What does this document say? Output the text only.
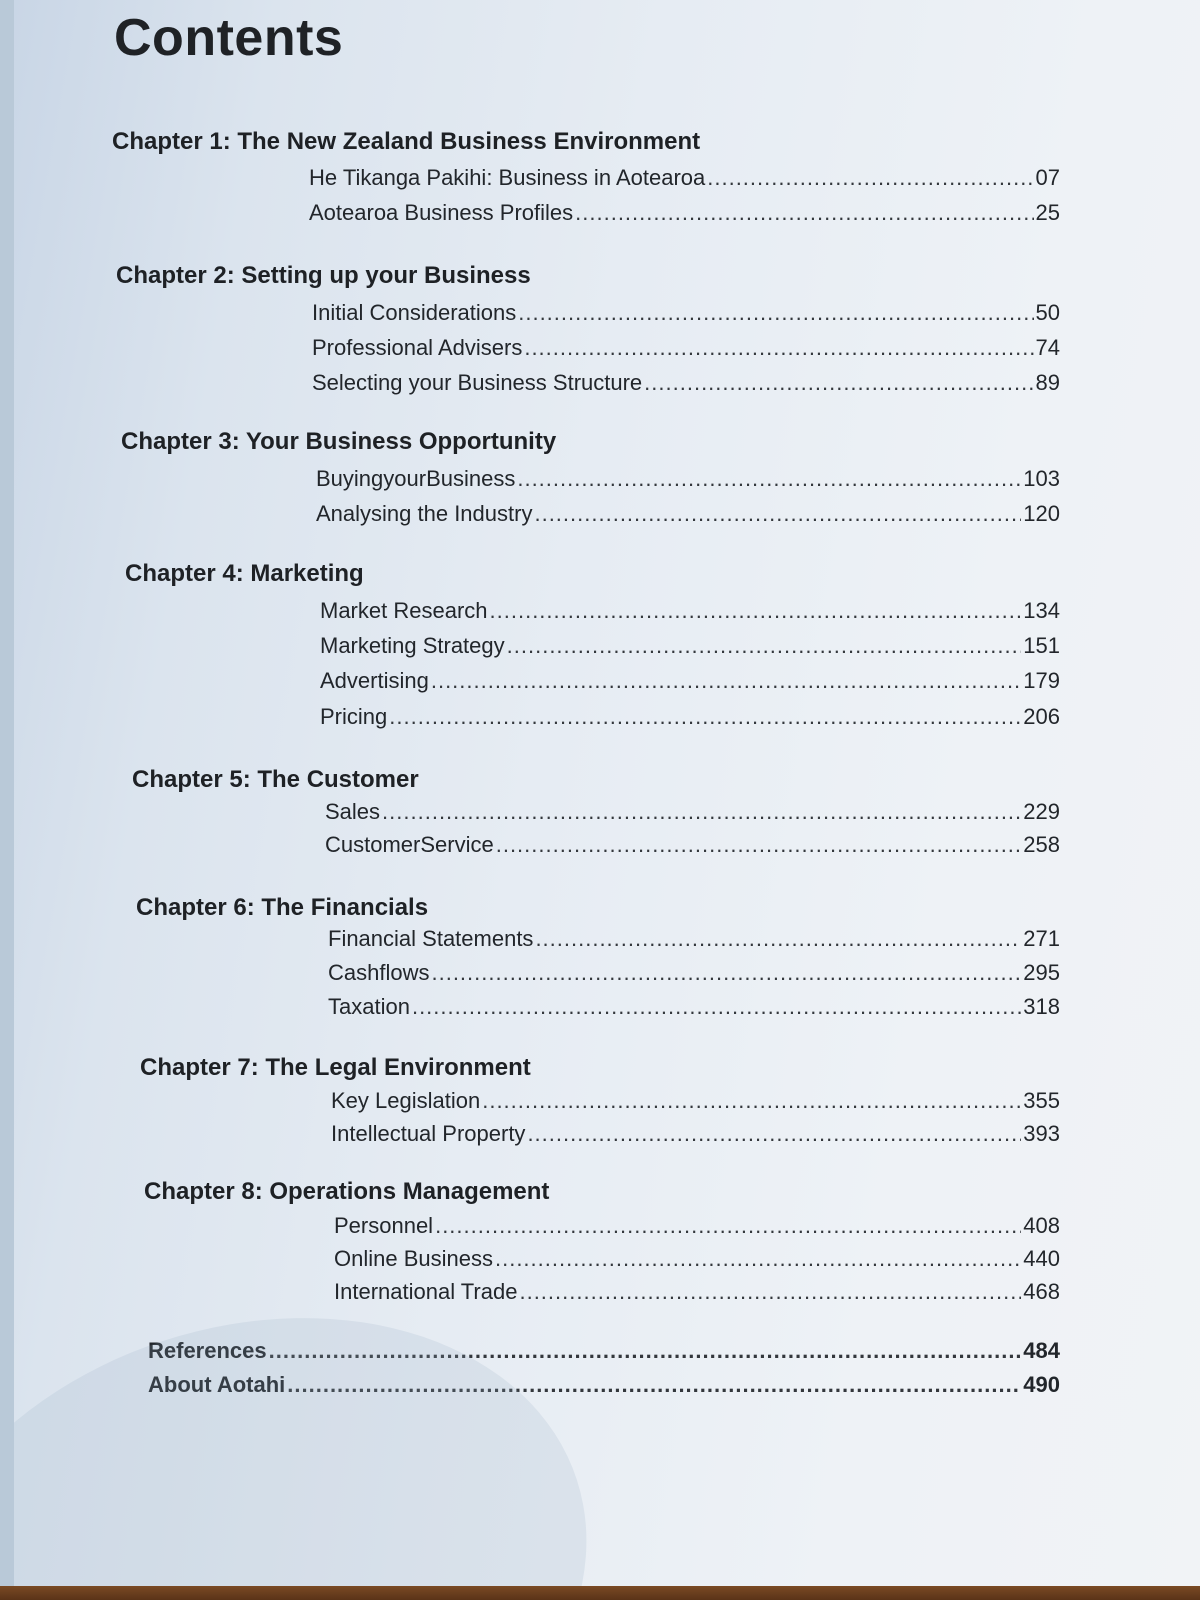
Contents
Chapter 1: The New Zealand Business Environment
He Tikanga Pakihi: Business in Aotearoa .....	07
Aotearoa Business Profiles .....	25
Chapter 2: Setting up your Business
Initial Considerations .....	50
Professional Advisers .....	74
Selecting your Business Structure .....	89
Chapter 3: Your Business Opportunity
BuyingyourBusiness .....	103
Analysing the Industry .....	120
Chapter 4: Marketing
Market Research .....	134
Marketing Strategy .....	151
Advertising .....	179
Pricing .....	206
Chapter 5: The Customer
Sales .....	229
CustomerService .....	258
Chapter 6: The Financials
Financial Statements .....	271
Cashflows .....	295
Taxation .....	318
Chapter 7: The Legal Environment
Key Legislation .....	355
Intellectual Property .....	393
Chapter 8: Operations Management
Personnel .....	408
Online Business .....	440
International Trade .....	468
References .....	484
About Aotahi .....	490
